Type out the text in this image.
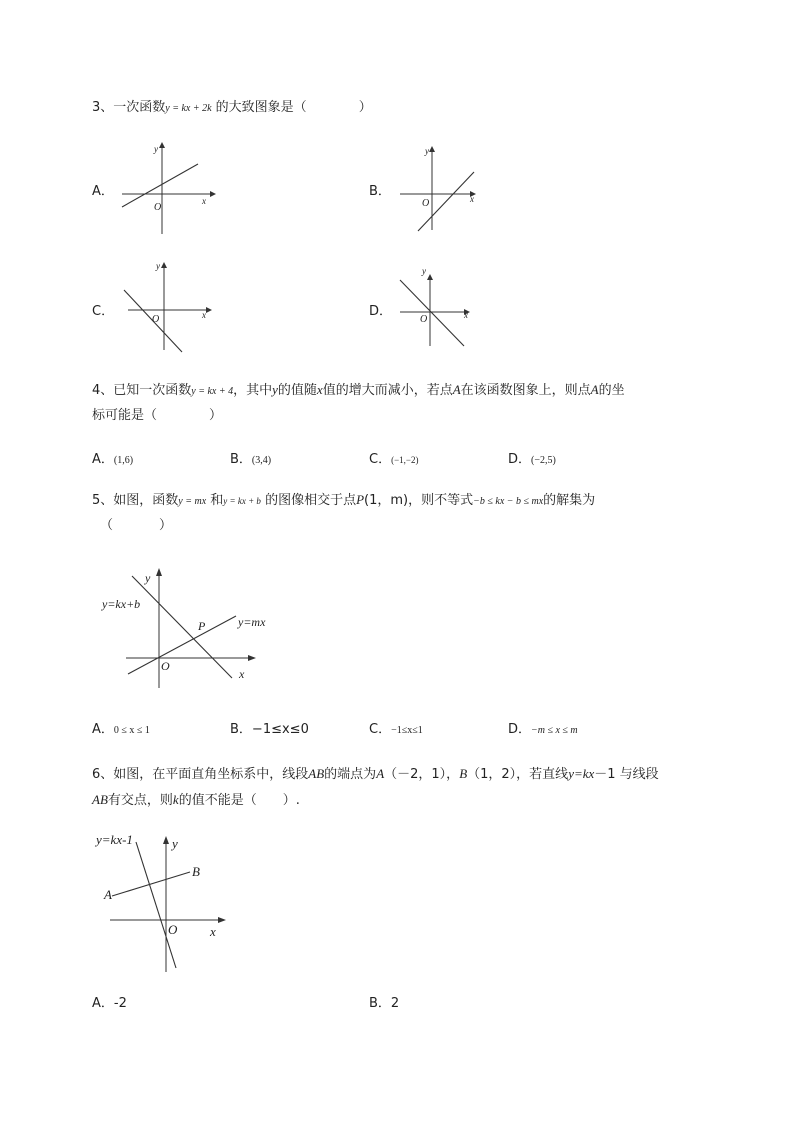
3、一次函数y = kx + 2k 的大致图象是（	）
A．
O
x
y
B．
O	x
y
C．
O	x
y
D．
O	x
y
4、已知一次函数y = kx + 4，其中y的值随x值的增大而减小，若点A在该函数图象上，则点A的坐
标可能是（	）
A．(1,6)	B．(3,4)	C．$^{(-1,-2)}$	D．(−2,5)
5、如图，函数y = mx 和y = kx + b 的图像相交于点P(1，m)，则不等式−b ≤ kx − b ≤ mx的解集为
（	）
y=kx+b
y=mx
P
O
x
y
A．0 ≤ x ≤ 1	B．−1≤x≤0	C．−1≤x≤1	D．−m ≤ x ≤ m
6、如图，在平面直角坐标系中，线段AB的端点为A（－2，1），B（1，2），若直线y=kx－1 与线段
AB有交点，则k的值不能是（　　）.
y=kx-1
A
B
O	x
y
A．-2	B．2
